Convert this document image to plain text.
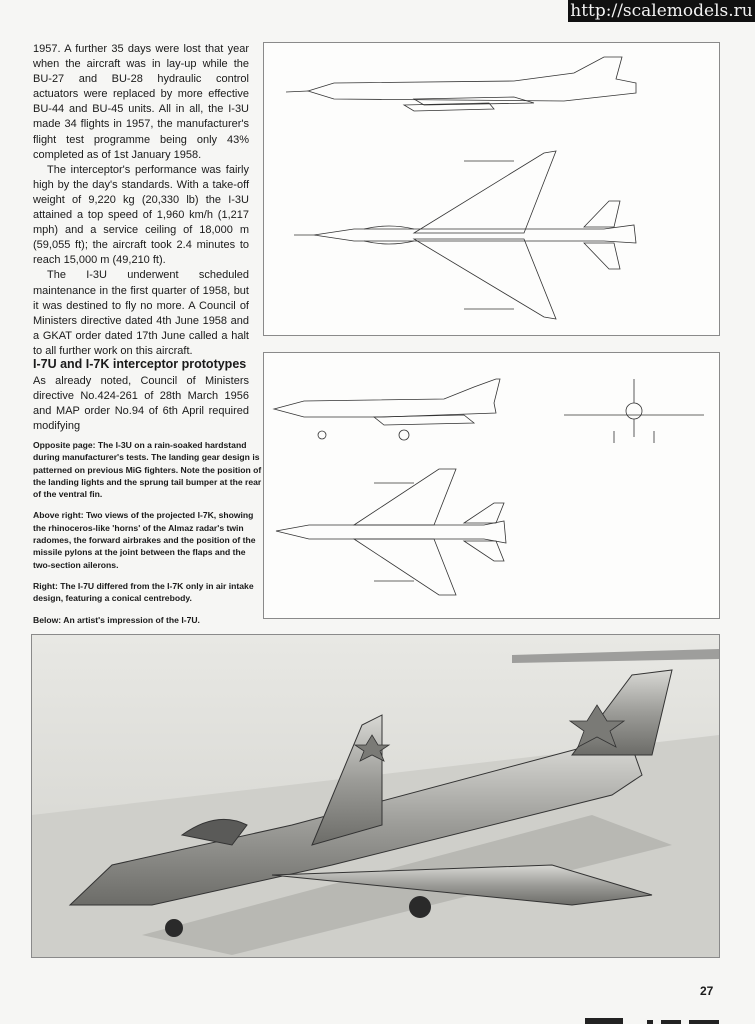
http://scalemodels.ru

1957. A further 35 days were lost that year when the aircraft was in lay-up while the BU-27 and BU-28 hydraulic control actuators were replaced by more effective BU-44 and BU-45 units. All in all, the I-3U made 34 flights in 1957, the manufacturer's flight test programme being only 43% completed as of 1st January 1958.

The interceptor's performance was fairly high by the day's standards. With a take-off weight of 9,220 kg (20,330 lb) the I-3U attained a top speed of 1,960 km/h (1,217 mph) and a service ceiling of 18,000 m (59,055 ft); the aircraft took 2.4 minutes to reach 15,000 m (49,210 ft).

The I-3U underwent scheduled maintenance in the first quarter of 1958, but it was destined to fly no more. A Council of Ministers directive dated 4th June 1958 and a GKAT order dated 17th June called a halt to all further work on this aircraft.

I-7U and I-7K interceptor prototypes

As already noted, Council of Ministers directive No.424-261 of 28th March 1956 and MAP order No.94 of 6th April required modifying

Opposite page: The I-3U on a rain-soaked hardstand during manufacturer's tests. The landing gear design is patterned on previous MiG fighters. Note the position of the landing lights and the sprung tail bumper at the rear of the ventral fin.

Above right: Two views of the projected I-7K, showing the rhinoceros-like 'horns' of the Almaz radar's twin radomes, the forward airbrakes and the position of the missile pylons at the joint between the flaps and the two-section ailerons.

Right: The I-7U differed from the I-7K only in air intake design, featuring a conical centrebody.

Below: An artist's impression of the I-7U.

27
